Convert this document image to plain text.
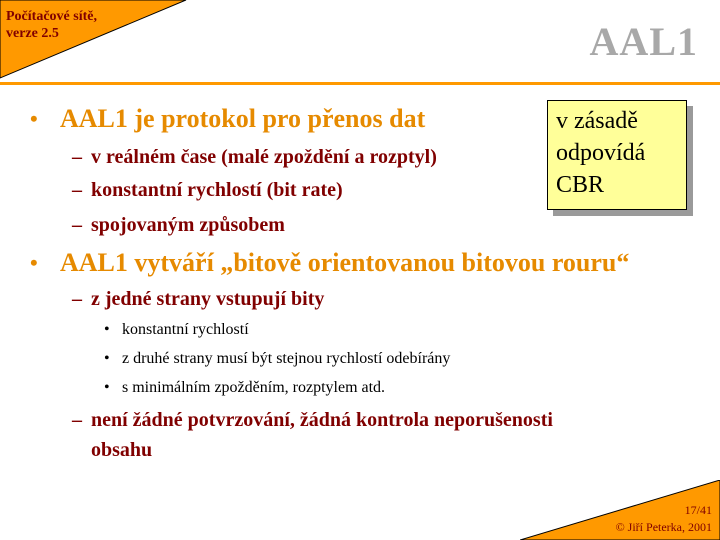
Počítačové sítě,
verze 2.5	AAL1
• AAL1 je protokol pro přenos dat
– v reálném čase (malé zpoždění a rozptyl)
– konstantní rychlostí (bit rate)
– spojovaným způsobem
• AAL1 vytváří „bitově orientovanou bitovou rouru“
– z jedné strany vstupují bity
• konstantní rychlostí
• z druhé strany musí být stejnou rychlostí odebírány
• s minimálním zpožděním, rozptylem atd.
– není žádné potvrzování, žádná kontrola neporušenosti
obsahu
v zásadě
odpovídá
CBR
17/41
© Jiří Peterka, 2001
